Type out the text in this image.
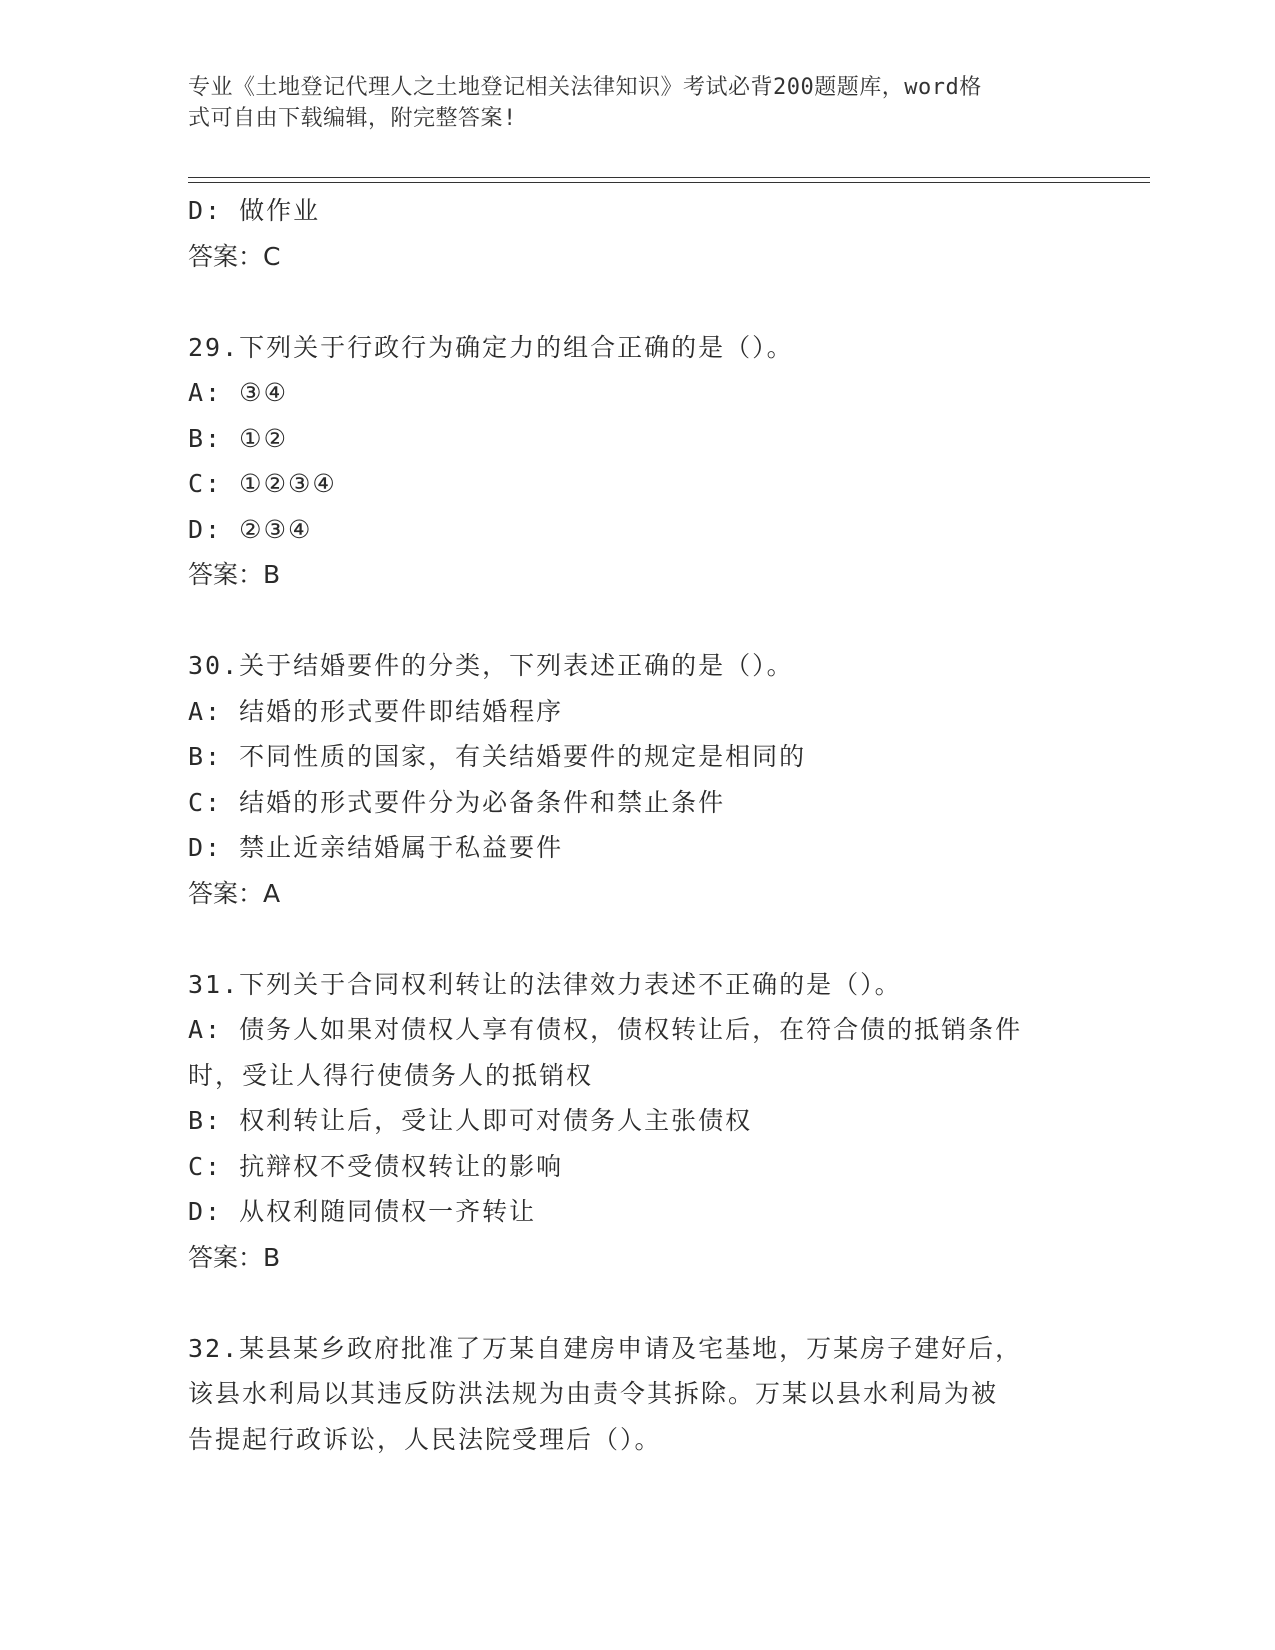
专业《土地登记代理人之土地登记相关法律知识》考试必背200题题库，word格
式可自由下载编辑，附完整答案!
D: 做作业
答案：C
29.下列关于行政行为确定力的组合正确的是（）。
A: ③④
B: ①②
C: ①②③④
D: ②③④
答案：B
30.关于结婚要件的分类，下列表述正确的是（）。
A: 结婚的形式要件即结婚程序
B: 不同性质的国家，有关结婚要件的规定是相同的
C: 结婚的形式要件分为必备条件和禁止条件
D: 禁止近亲结婚属于私益要件
答案：A
31.下列关于合同权利转让的法律效力表述不正确的是（）。
A: 债务人如果对债权人享有债权，债权转让后，在符合债的抵销条件
时，受让人得行使债务人的抵销权
B: 权利转让后，受让人即可对债务人主张债权
C: 抗辩权不受债权转让的影响
D: 从权利随同债权一齐转让
答案：B
32.某县某乡政府批准了万某自建房申请及宅基地，万某房子建好后，
该县水利局以其违反防洪法规为由责令其拆除。万某以县水利局为被
告提起行政诉讼，人民法院受理后（）。
